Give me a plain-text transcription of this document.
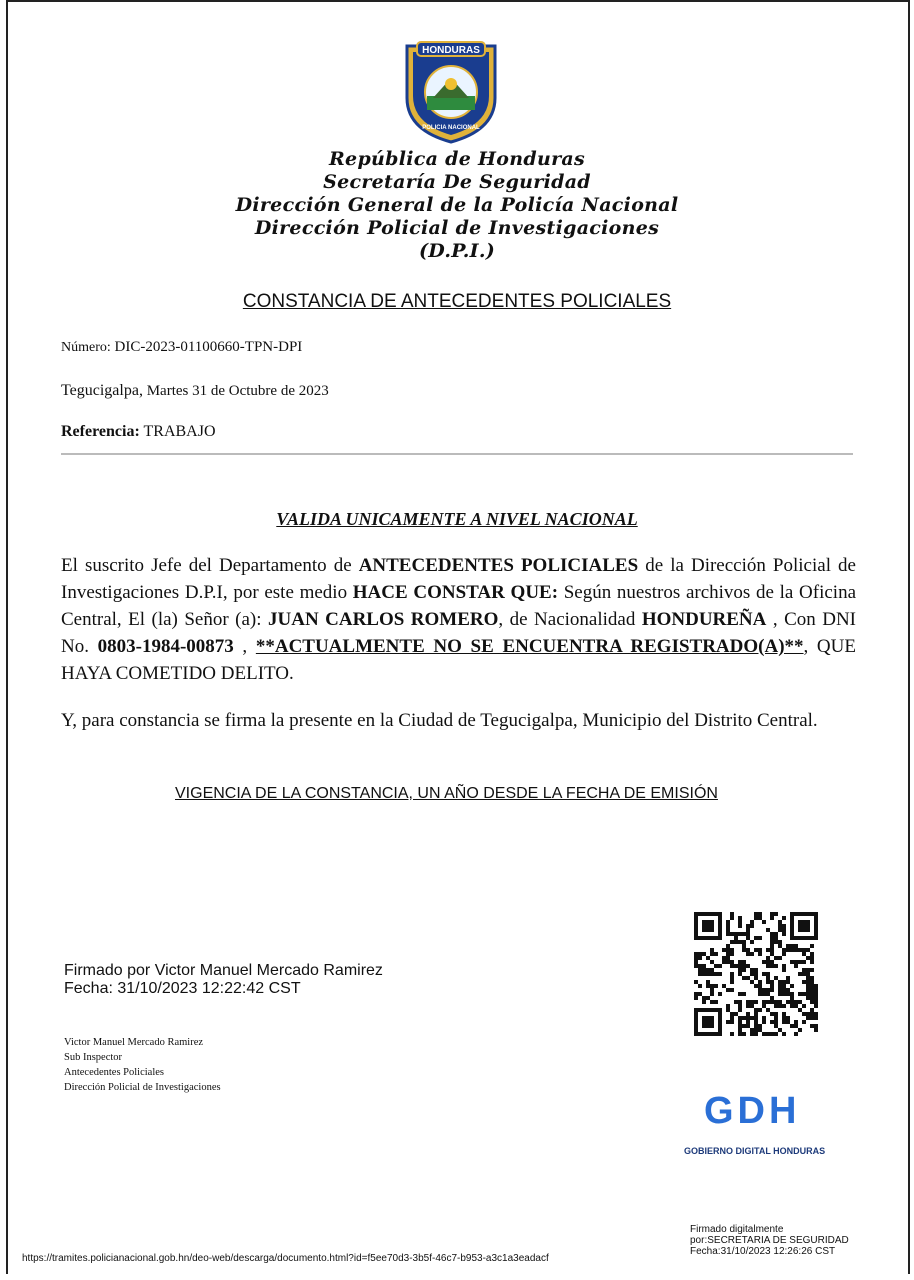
HONDURAS
POLICIA NACIONAL
República de Honduras
Secretaría De Seguridad
Dirección General de la Policía Nacional
Dirección Policial de Investigaciones
(D.P.I.)
CONSTANCIA DE ANTECEDENTES POLICIALES
Número: DIC-2023-01100660-TPN-DPI
Tegucigalpa, Martes 31 de Octubre de 2023
Referencia: TRABAJO
VALIDA UNICAMENTE A NIVEL NACIONAL
El suscrito Jefe del Departamento de ANTECEDENTES POLICIALES de la Dirección Policial de Investigaciones D.P.I, por este medio HACE CONSTAR QUE: Según nuestros archivos de la Oficina Central, El (la) Señor (a): JUAN CARLOS ROMERO, de Nacionalidad HONDUREÑA , Con DNI No. 0803-1984-00873 , **ACTUALMENTE NO SE ENCUENTRA REGISTRADO(A)**, QUE HAYA COMETIDO DELITO.
Y, para constancia se firma la presente en la Ciudad de Tegucigalpa, Municipio del Distrito Central.
VIGENCIA DE LA CONSTANCIA, UN AÑO DESDE LA FECHA DE EMISIÓN
Firmado por Victor Manuel Mercado Ramirez
Fecha: 31/10/2023 12:22:42 CST
Victor Manuel Mercado Ramirez
Sub Inspector
Antecedentes Policiales
Dirección Policial de Investigaciones
GDH
GOBIERNO DIGITAL HONDURAS
https://tramites.policianacional.gob.hn/deo-web/descarga/documento.html?id=f5ee70d3-3b5f-46c7-b953-a3c1a3eadacf
Firmado digitalmente
por:SECRETARIA DE SEGURIDAD
Fecha:31/10/2023 12:26:26 CST
